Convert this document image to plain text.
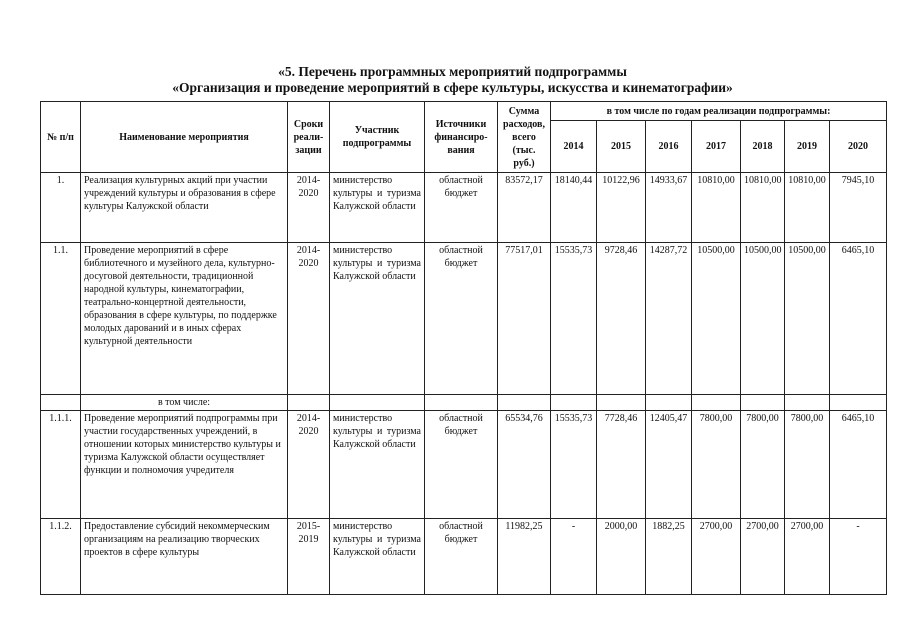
«5. Перечень программных мероприятий подпрограммы
«Организация и проведение мероприятий в сфере культуры, искусства и кинематографии»
№ п/п	Наименование мероприятия	Сроки реали-зации	Участник подпрограммы	Источники финансиро-вания	Сумма расходов, всего (тыс. руб.)	в том числе по годам реализации подпрограммы:						
						2014	2015	2016	2017	2018	2019	2020
1.	Реализация культурных акций при участии учреждений культуры и образования в сфере культуры Калужской области	2014-2020	министерство культуры и туризма Калужской области	областной бюджет	83572,17	18140,44	10122,96	14933,67	10810,00	10810,00	10810,00	7945,10
1.1.	Проведение мероприятий в сфере библиотечного и музейного дела, культурно-досуговой деятельности, традиционной народной культуры, кинематографии, театрально-концертной деятельности, образования в сфере культуры, по поддержке молодых дарований и в иных сферах культурной деятельности	2014-2020	министерство культуры и туризма Калужской области	областной бюджет	77517,01	15535,73	9728,46	14287,72	10500,00	10500,00	10500,00	6465,10
	в том числе:											
1.1.1.	Проведение мероприятий подпрограммы при участии государственных учреждений, в отношении которых министерство культуры и туризма Калужской области осуществляет функции и полномочия учредителя	2014-2020	министерство культуры и туризма Калужской области	областной бюджет	65534,76	15535,73	7728,46	12405,47	7800,00	7800,00	7800,00	6465,10
1.1.2.	Предоставление субсидий некоммерческим организациям на реализацию творческих проектов в сфере культуры	2015-2019	министерство культуры и туризма Калужской области	областной бюджет	11982,25	-	2000,00	1882,25	2700,00	2700,00	2700,00	-
